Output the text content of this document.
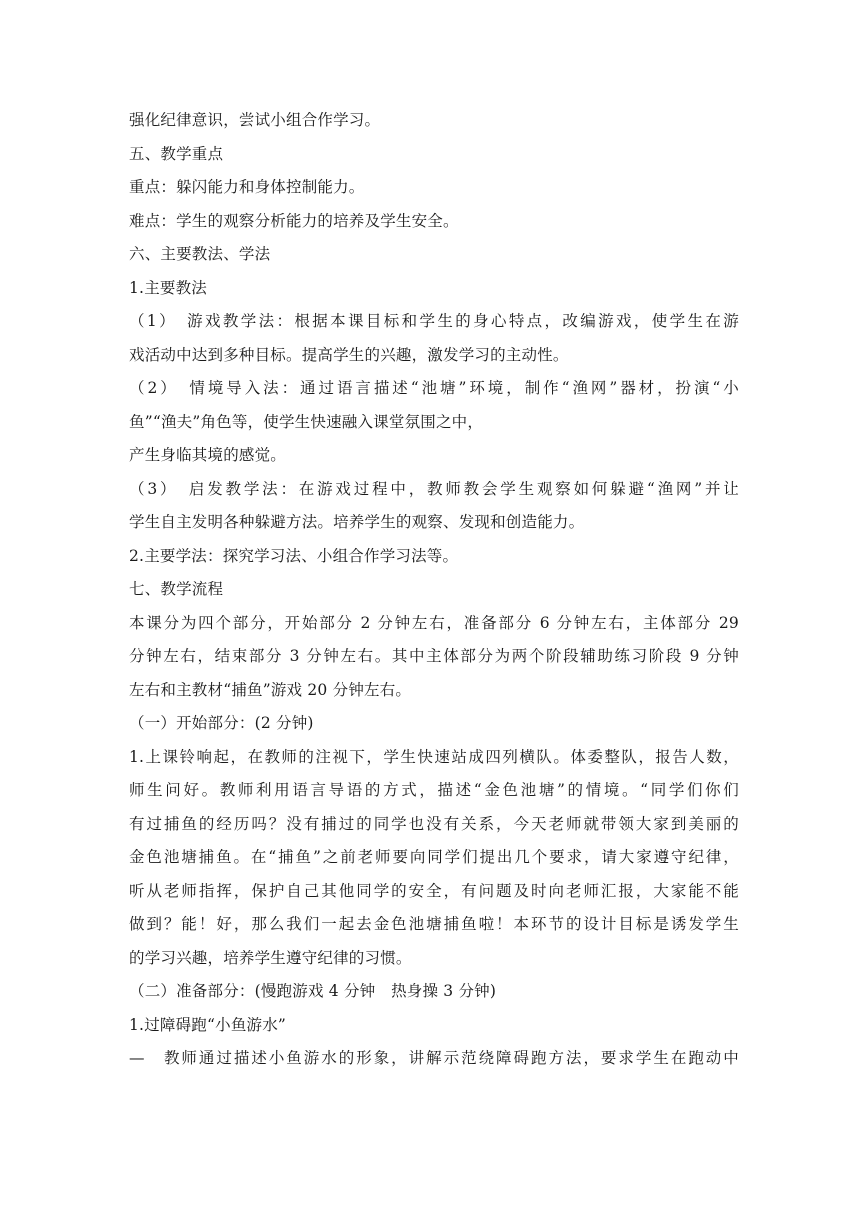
强化纪律意识，尝试小组合作学习。
五、教学重点
重点：躲闪能力和身体控制能力。
难点：学生的观察分析能力的培养及学生安全。
六、主要教法、学法
1.主要教法
（1）　游戏教学法：根据本课目标和学生的身心特点，改编游戏，使学生在游
戏活动中达到多种目标。提高学生的兴趣，激发学习的主动性。
（2）　情境导入法：通过语言描述“池塘”环境，制作“渔网”器材，扮演“小
鱼”“渔夫”角色等，使学生快速融入课堂氛围之中，
产生身临其境的感觉。
（3）　启发教学法：在游戏过程中，教师教会学生观察如何躲避“渔网”并让
学生自主发明各种躲避方法。培养学生的观察、发现和创造能力。
2.主要学法：探究学习法、小组合作学习法等。
七、教学流程
本课分为四个部分，开始部分 2 分钟左右，准备部分 6 分钟左右，主体部分 29
分钟左右，结束部分 3 分钟左右。其中主体部分为两个阶段辅助练习阶段 9 分钟
左右和主教材“捕鱼”游戏 20 分钟左右。
（一）开始部分：(2 分钟)
1.上课铃响起，在教师的注视下，学生快速站成四列横队。体委整队，报告人数，
师生问好。教师利用语言导语的方式，描述“金色池塘”的情境。“同学们你们
有过捕鱼的经历吗？没有捕过的同学也没有关系，今天老师就带领大家到美丽的
金色池塘捕鱼。在“捕鱼”之前老师要向同学们提出几个要求，请大家遵守纪律，
听从老师指挥，保护自己其他同学的安全，有问题及时向老师汇报，大家能不能
做到？能！好，那么我们一起去金色池塘捕鱼啦！本环节的设计目标是诱发学生
的学习兴趣，培养学生遵守纪律的习惯。
（二）准备部分：(慢跑游戏 4 分钟　热身操 3 分钟)
1.过障碍跑“小鱼游水”
—　教师通过描述小鱼游水的形象，讲解示范绕障碍跑方法，要求学生在跑动中
